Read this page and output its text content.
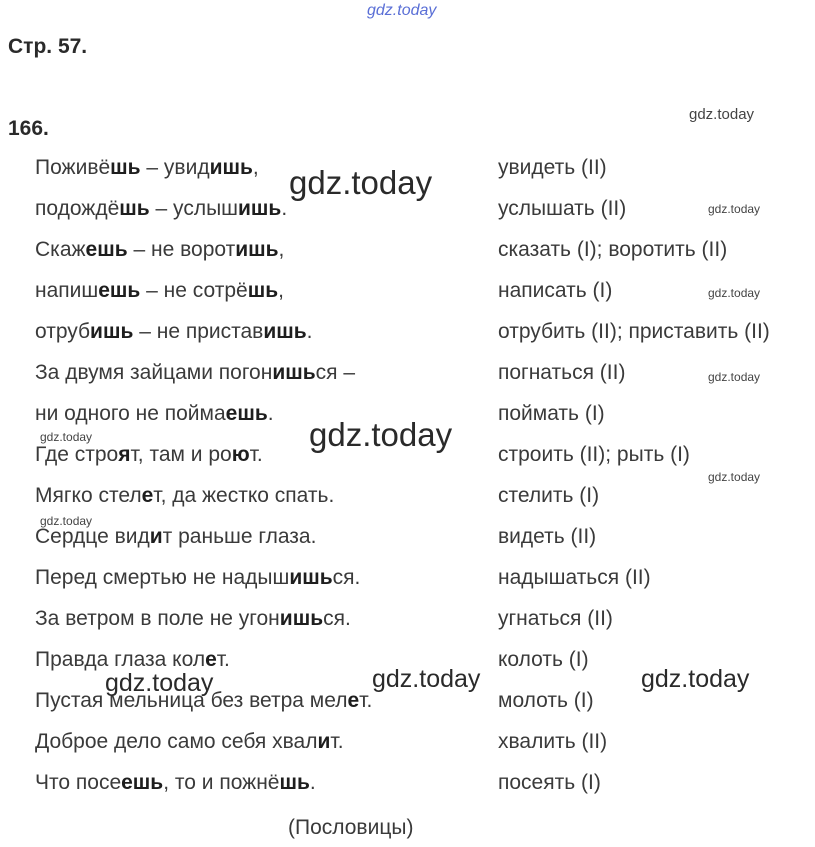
gdz.today
Стр. 57.
166.
Поживёшь – увидишь,	увидеть (II)
подождёшь – услышишь.	услышать (II)
Скажешь – не воротишь,	сказать (I); воротить (II)
напишешь – не сотрёшь,	написать (I)
отрубишь – не приставишь.	отрубить (II); приставить (II)
За двумя зайцами погонишься –	погнаться (II)
ни одного не поймаешь.	поймать (I)
Где строят, там и роют.	строить (II); рыть (I)
Мягко стелет, да жестко спать.	стелить (I)
Сердце видит раньше глаза.	видеть (II)
Перед смертью не надышишься.	надышаться (II)
За ветром в поле не угонишься.	угнаться (II)
Правда глаза колет.	колоть (I)
Пустая мельница без ветра мелет.	молоть (I)
Доброе дело само себя хвалит.	хвалить (II)
Что посеешь, то и пожнёшь.	посеять (I)
(Пословицы)
gdz.today
gdz.today
gdz.today
gdz.today
gdz.today
gdz.today
gdz.today
gdz.today
gdz.today
gdz.today	gdz.today	gdz.today
